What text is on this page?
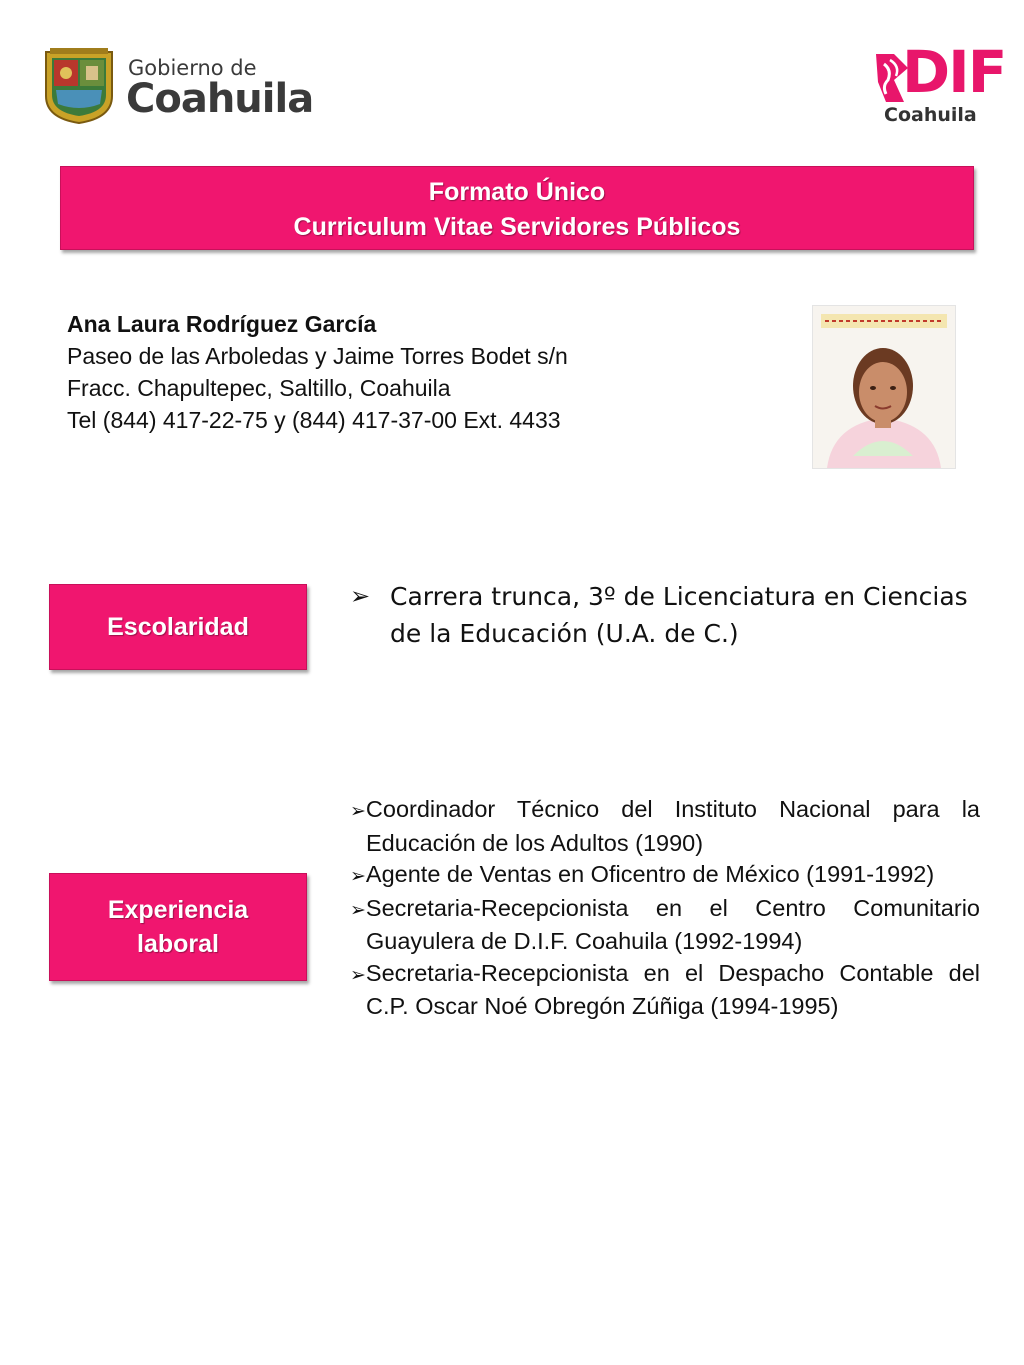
Gobierno de
Coahuila	DIF
Coahuila
Formato Único
Curriculum Vitae Servidores Públicos
Ana Laura Rodríguez García
Paseo de las Arboledas y Jaime Torres Bodet s/n
Fracc. Chapultepec, Saltillo, Coahuila
Tel (844) 417-22-75 y (844) 417-37-00 Ext. 4433
Escolaridad
➢ Carrera trunca, 3º de Licenciatura en Ciencias de la Educación (U.A. de C.)
Experiencia
laboral
➢Coordinador Técnico del Instituto Nacional para la Educación de los Adultos (1990)
➢Agente de Ventas en Oficentro de México (1991-1992)
➢Secretaria-Recepcionista en el Centro Comunitario Guayulera de D.I.F. Coahuila (1992-1994)
➢Secretaria-Recepcionista en el Despacho Contable del C.P. Oscar Noé Obregón Zúñiga (1994-1995)
